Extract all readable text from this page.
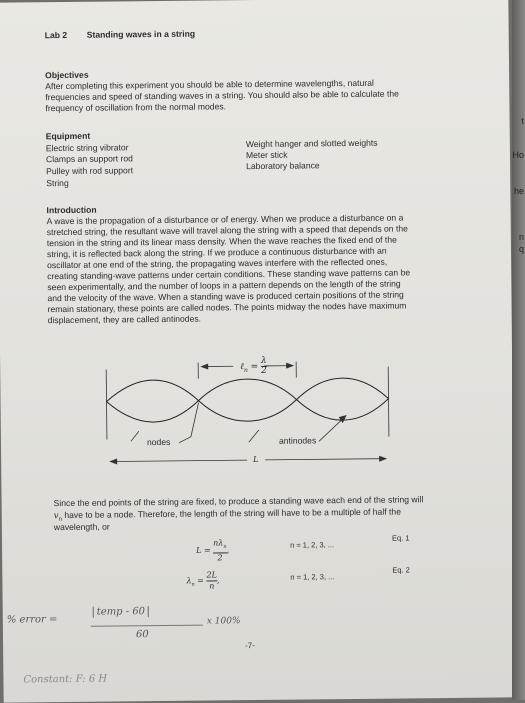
Lab 2 Standing waves in a string
Objectives
After completing this experiment you should be able to determine wavelengths, natural
frequencies and speed of standing waves in a string. You should also be able to calculate the
frequency of oscillation from the normal modes.
Equipment
Electric string vibrator
Clamps an support rod
Pulley with rod support
String
Weight hanger and slotted weights
Meter stick
Laboratory balance
Introduction
A wave is the propagation of a disturbance or of energy. When we produce a disturbance on a
stretched string, the resultant wave will travel along the string with a speed that depends on the
tension in the string and its linear mass density. When the wave reaches the fixed end of the
string, it is reflected back along the string. If we produce a continuous disturbance with an
oscillator at one end of the string, the propagating waves interfere with the reflected ones,
creating standing-wave patterns under certain conditions. These standing wave patterns can be
seen experimentally, and the number of loops in a pattern depends on the length of the string
and the velocity of the wave. When a standing wave is produced certain positions of the string
remain stationary, these points are called nodes. The points midway the nodes have maximum
displacement, they are called antinodes.
ℓ$_n$ = $\frac{\lambda}{2}$
nodes	antinodes
L
Since the end points of the string are fixed, to produce a standing wave each end of the string will
$v_n$ have to be a node. Therefore, the length of the string will have to be a multiple of half the
wavelength, or
L =
$n\lambda_n$
2
,
n = 1, 2, 3, ...
Eq. 1
$\lambda_n = \frac{2L}{n}$ ,	n = 1, 2, 3, ...
Eq. 2
-7-
% error =
temp - 60
60
x 100%
Constant: F: 6 H
Ho
he
n
q
t
